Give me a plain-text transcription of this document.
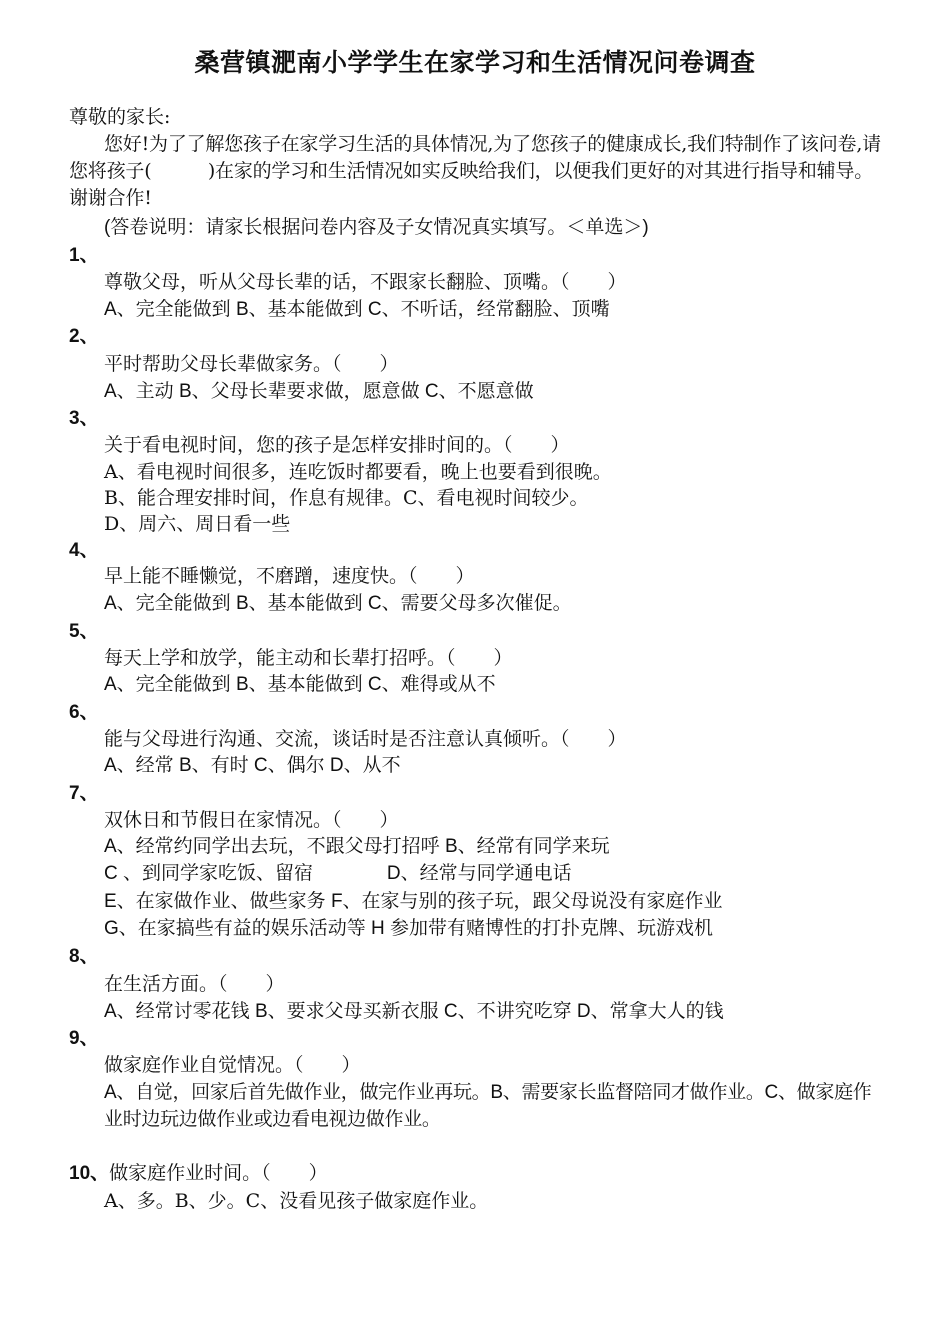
桑营镇淝南小学学生在家学习和生活情况问卷调查
尊敬的家长:
您好!为了了解您孩子在家学习生活的具体情况,为了您孩子的健康成长,我们特制作了该问卷,请您将孩子(　　　)在家的学习和生活情况如实反映给我们，以便我们更好的对其进行指导和辅导。谢谢合作!
(答卷说明：请家长根据问卷内容及子女情况真实填写。＜单选＞)
1、
尊敬父母，听从父母长辈的话，不跟家长翻脸、顶嘴。（　　）
A、完全能做到 B、基本能做到 C、不听话，经常翻脸、顶嘴
2、
平时帮助父母长辈做家务。（　　）
A、主动 B、父母长辈要求做，愿意做 C、不愿意做
3、
关于看电视时间，您的孩子是怎样安排时间的。（　　）
A、看电视时间很多，连吃饭时都要看，晚上也要看到很晚。
B、能合理安排时间，作息有规律。C、看电视时间较少。
D、周六、周日看一些
4、
早上能不睡懒觉，不磨蹭，速度快。（　　）
A、完全能做到 B、基本能做到 C、需要父母多次催促。
5、
每天上学和放学，能主动和长辈打招呼。（　　）
A、完全能做到 B、基本能做到 C、难得或从不
6、
能与父母进行沟通、交流，谈话时是否注意认真倾听。（　　）
A、经常 B、有时 C、偶尔 D、从不
7、
双休日和节假日在家情况。（　　）
A、经常约同学出去玩，不跟父母打招呼 B、经常有同学来玩
C 、到同学家吃饭、留宿              D、经常与同学通电话
E、在家做作业、做些家务 F、在家与别的孩子玩，跟父母说没有家庭作业
G、在家搞些有益的娱乐活动等 H 参加带有赌博性的打扑克牌、玩游戏机
8、
在生活方面。（　　）
A、经常讨零花钱 B、要求父母买新衣服 C、不讲究吃穿 D、常拿大人的钱
9、
做家庭作业自觉情况。（　　）
A、自觉，回家后首先做作业，做完作业再玩。B、需要家长监督陪同才做作业。C、做家庭作业时边玩边做作业或边看电视边做作业。
10、做家庭作业时间。（　　）
A、多。B、少。C、没看见孩子做家庭作业。
